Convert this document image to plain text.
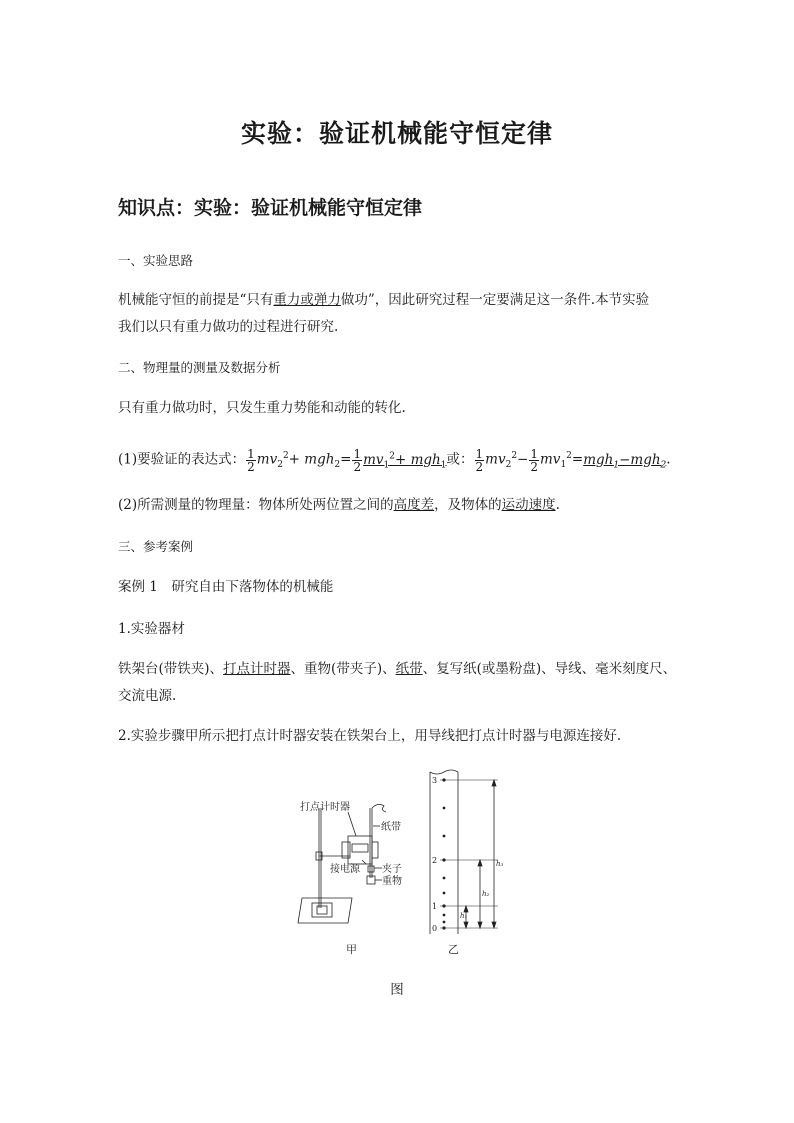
实验：验证机械能守恒定律
知识点：实验：验证机械能守恒定律
一、实验思路
机械能守恒的前提是“只有重力或弹力做功”，因此研究过程一定要满足这一条件.本节实验
我们以只有重力做功的过程进行研究.
二、物理量的测量及数据分析
只有重力做功时，只发生重力势能和动能的转化.
(1)要验证的表达式： $\frac{1}{2} mv_2^2+ mgh_2= \frac{1}{2} mv_1^2+ mgh_1$或： $\frac{1}{2} mv_2^2- \frac{1}{2} mv_1^2=mgh_1-mgh_2$.
(2)所需测量的物理量：物体所处两位置之间的高度差，及物体的运动速度.
三、参考案例
案例 1　研究自由下落物体的机械能
1.实验器材
铁架台(带铁夹)、打点计时器、重物(带夹子)、纸带、复写纸(或墨粉盘)、导线、毫米刻度尺、
交流电源.
2.实验步骤甲所示把打点计时器安装在铁架台上，用导线把打点计时器与电源连接好.
打点计时器
纸带
接电源 夹子
重物
甲	乙
3
2
1
0
h₃
h₂
h₁
图
